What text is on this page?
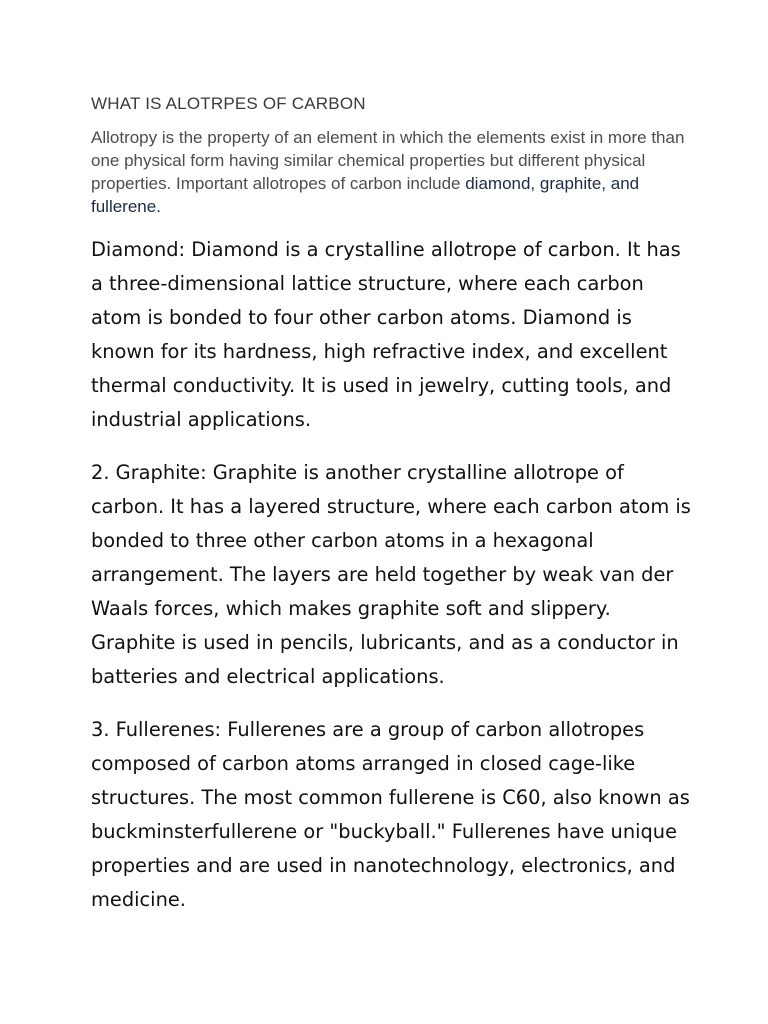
WHAT IS ALOTRPES OF CARBON

Allotropy is the property of an element in which the elements exist in more than one physical form having similar chemical properties but different physical properties. Important allotropes of carbon include diamond, graphite, and fullerene.

Diamond: Diamond is a crystalline allotrope of carbon. It has a three-dimensional lattice structure, where each carbon atom is bonded to four other carbon atoms. Diamond is known for its hardness, high refractive index, and excellent thermal conductivity. It is used in jewelry, cutting tools, and industrial applications.

2. Graphite: Graphite is another crystalline allotrope of carbon. It has a layered structure, where each carbon atom is bonded to three other carbon atoms in a hexagonal arrangement. The layers are held together by weak van der Waals forces, which makes graphite soft and slippery. Graphite is used in pencils, lubricants, and as a conductor in batteries and electrical applications.

3. Fullerenes: Fullerenes are a group of carbon allotropes composed of carbon atoms arranged in closed cage-like structures. The most common fullerene is C60, also known as buckminsterfullerene or "buckyball." Fullerenes have unique properties and are used in nanotechnology, electronics, and medicine.
